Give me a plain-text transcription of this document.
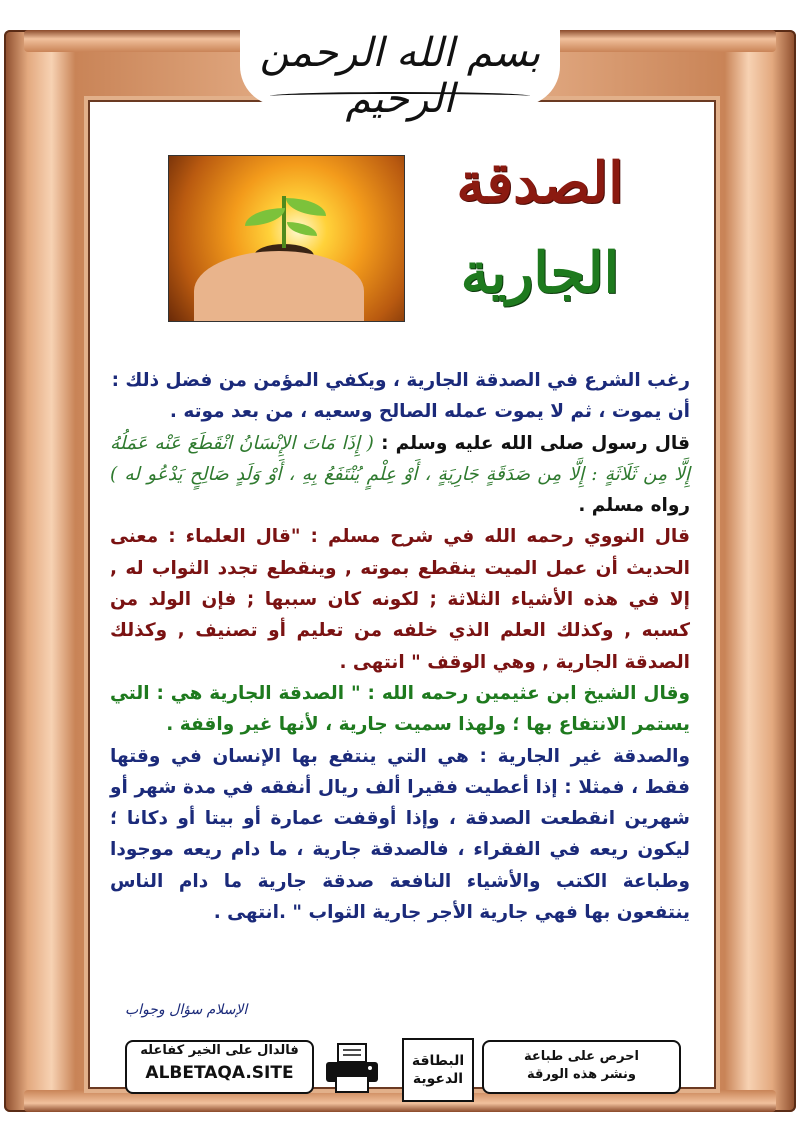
بسم الله الرحمن الرحيم
الصدقة
الجارية

رغب الشرع في الصدقة الجارية ، ويكفي المؤمن من فضل ذلك :
أن يموت ، ثم لا يموت عمله الصالح وسعيه ، من بعد موته .

قال رسول صلى الله عليه وسلم : ( إِذَا مَاتَ الإِنْسَانُ انْقَطَعَ عَنْه عَمَلُهُ إِلَّا مِن ثَلَاثَةٍ : إِلَّا مِن صَدَقَةٍ جَارِيَةٍ ، أَوْ عِلْمٍ يُنْتَفَعُ بِهِ ، أَوْ وَلَدٍ صَالِحٍ يَدْعُو له ) رواه مسلم .

قال النووي رحمه الله في شرح مسلم : "قال العلماء : معنى الحديث أن عمل الميت ينقطع بموته , وينقطع تجدد الثواب له , إلا في هذه الأشياء الثلاثة ; لكونه كان سببها ; فإن الولد من كسبه , وكذلك العلم الذي خلفه من تعليم أو تصنيف , وكذلك الصدقة الجارية , وهي الوقف " انتهى .

وقال الشيخ ابن عثيمين رحمه الله : " الصدقة الجارية هي : التي يستمر الانتفاع بها ؛ ولهذا سميت جارية ، لأنها غير واقفة .

والصدقة غير الجارية : هي التي ينتفع بها الإنسان في وقتها فقط ، فمثلا : إذا أعطيت فقيرا ألف ريال أنفقه في مدة شهر أو شهرين انقطعت الصدقة ، وإذا أوقفت عمارة أو بيتا أو دكانا ؛ ليكون ريعه في الفقراء ، فالصدقة جارية ، ما دام ريعه موجودا وطباعة الكتب والأشياء النافعة صدقة جارية ما دام الناس ينتفعون بها فهي جارية الأجر جارية الثواب " .انتهى .

الإسلام سؤال وجواب
فالدال على الخير كفاعله
ALBETAQA.SITE
البطاقة
الدعوية
احرص على طباعة
ونشر هذه الورقة
